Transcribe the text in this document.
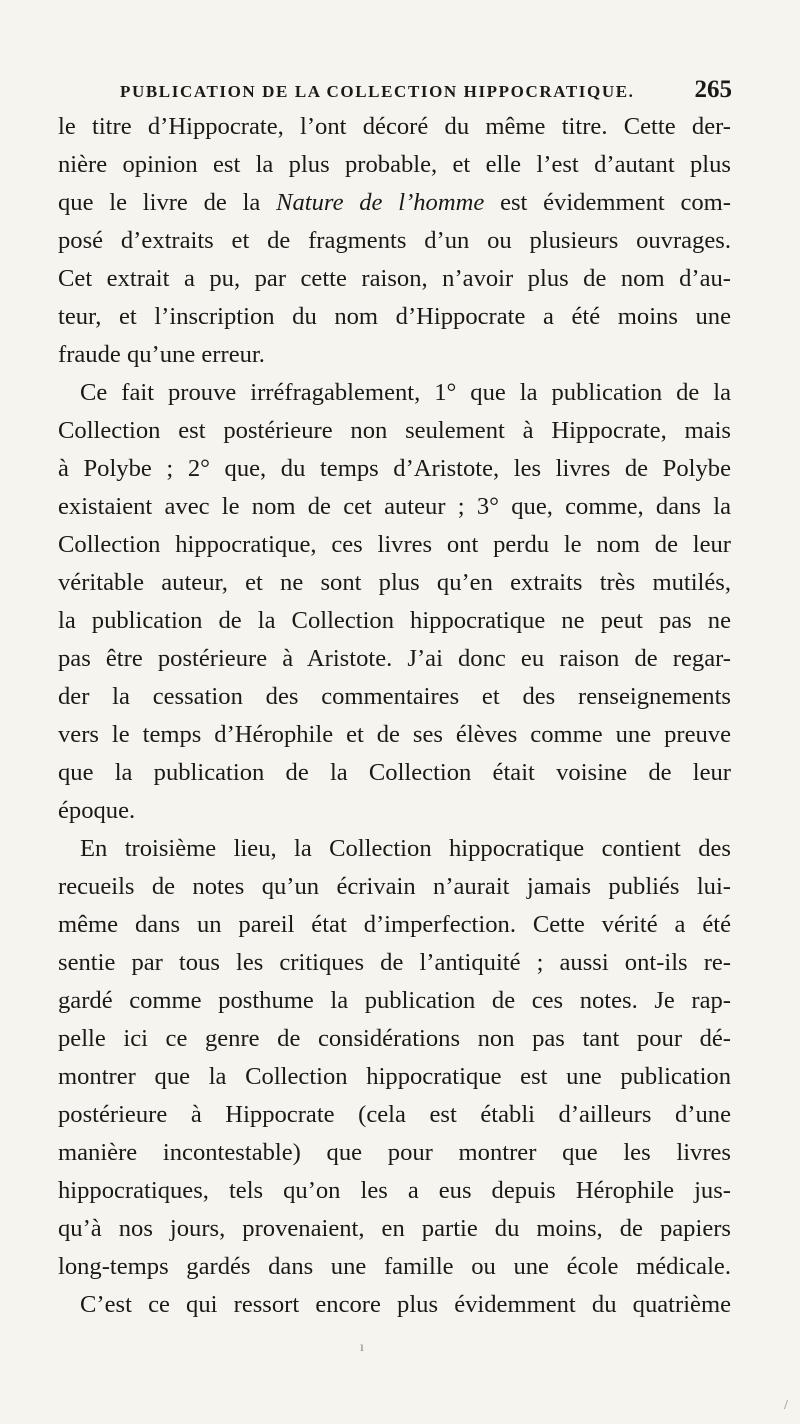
PUBLICATION DE LA COLLECTION HIPPOCRATIQUE. 265
le titre d’Hippocrate, l’ont décoré du même titre. Cette der-
nière opinion est la plus probable, et elle l’est d’autant plus
que le livre de la Nature de l’homme est évidemment com-
posé d’extraits et de fragments d’un ou plusieurs ouvrages.
Cet extrait a pu, par cette raison, n’avoir plus de nom d’au-
teur, et l’inscription du nom d’Hippocrate a été moins une
fraude qu’une erreur.
Ce fait prouve irréfragablement, 1° que la publication de la
Collection est postérieure non seulement à Hippocrate, mais
à Polybe ; 2° que, du temps d’Aristote, les livres de Polybe
existaient avec le nom de cet auteur ; 3° que, comme, dans la
Collection hippocratique, ces livres ont perdu le nom de leur
véritable auteur, et ne sont plus qu’en extraits très mutilés,
la publication de la Collection hippocratique ne peut pas ne
pas être postérieure à Aristote. J’ai donc eu raison de regar-
der la cessation des commentaires et des renseignements
vers le temps d’Hérophile et de ses élèves comme une preuve
que la publication de la Collection était voisine de leur
époque.
En troisième lieu, la Collection hippocratique contient des
recueils de notes qu’un écrivain n’aurait jamais publiés lui-
même dans un pareil état d’imperfection. Cette vérité a été
sentie par tous les critiques de l’antiquité ; aussi ont-ils re-
gardé comme posthume la publication de ces notes. Je rap-
pelle ici ce genre de considérations non pas tant pour dé-
montrer que la Collection hippocratique est une publication
postérieure à Hippocrate (cela est établi d’ailleurs d’une
manière incontestable) que pour montrer que les livres
hippocratiques, tels qu’on les a eus depuis Hérophile jus-
qu’à nos jours, provenaient, en partie du moins, de papiers
long-temps gardés dans une famille ou une école médicale.
C’est ce qui ressort encore plus évidemment du quatrième
ı
/
